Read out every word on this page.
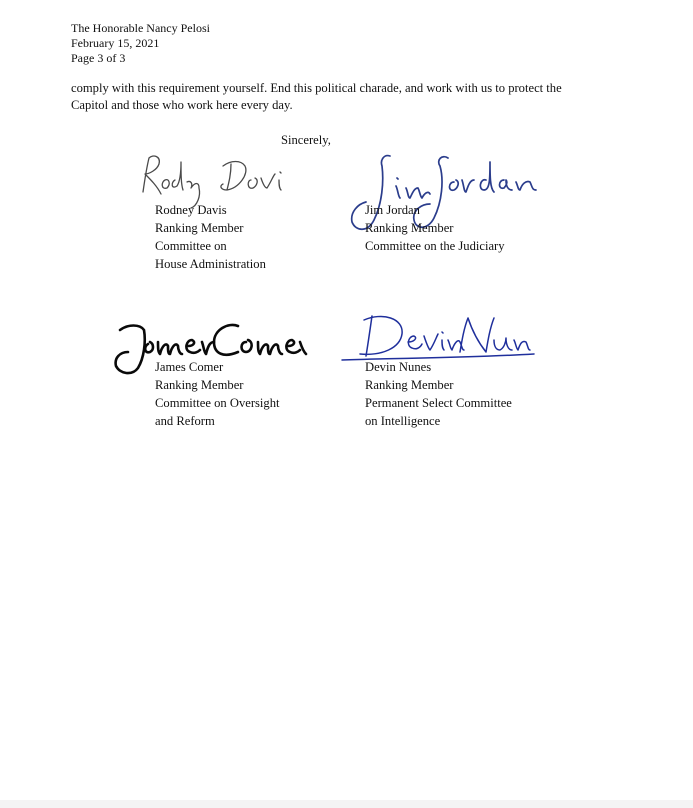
The Honorable Nancy Pelosi
February 15, 2021
Page 3 of 3
comply with this requirement yourself. End this political charade, and work with us to protect the
Capitol and those who work here every day.
Sincerely,
Rodney Davis
Ranking Member
Committee on
House Administration
Jim Jordan
Ranking Member
Committee on the Judiciary
James Comer
Ranking Member
Committee on Oversight
and Reform
Devin Nunes
Ranking Member
Permanent Select Committee
on Intelligence
